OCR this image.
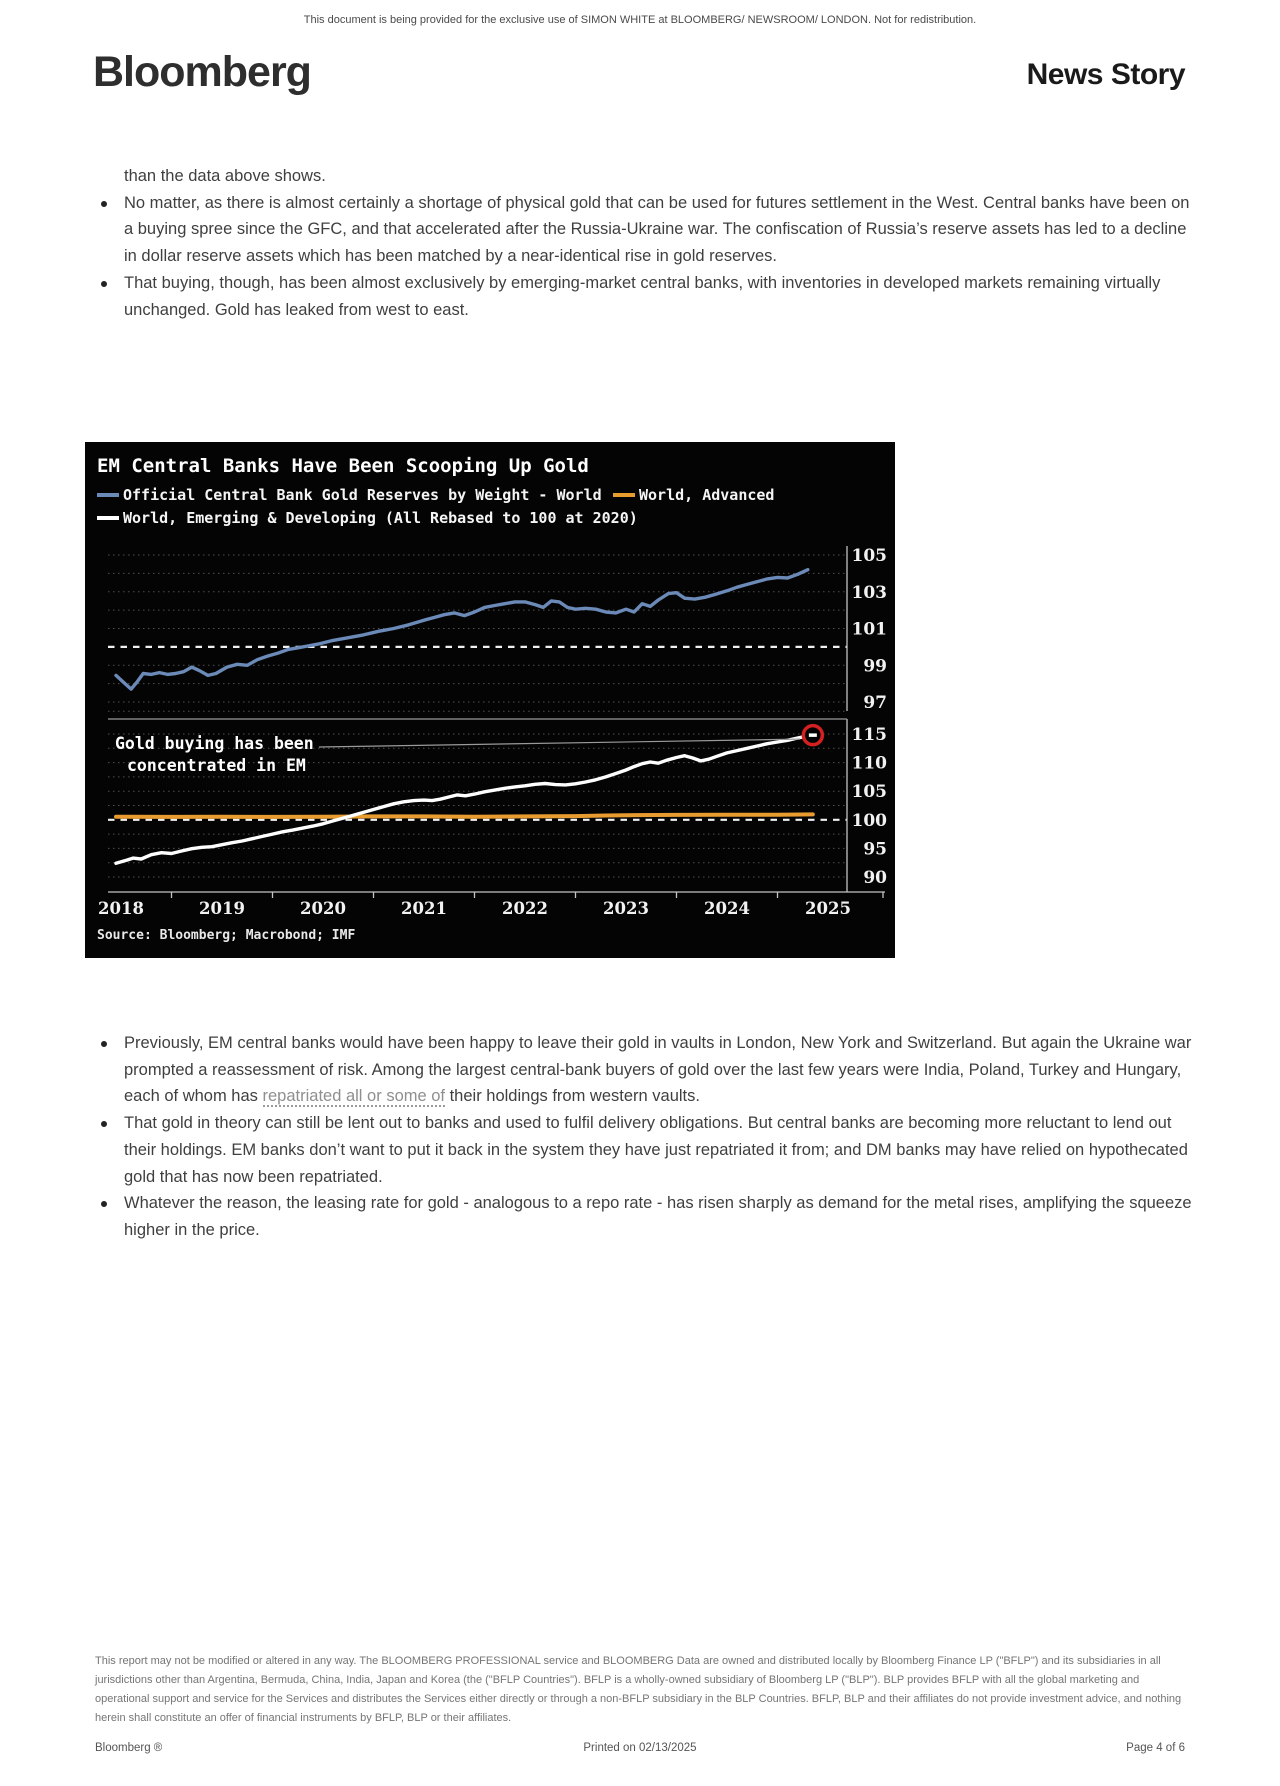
This document is being provided for the exclusive use of SIMON WHITE at BLOOMBERG/ NEWSROOM/ LONDON. Not for redistribution.
Bloomberg	News Story

than the data above shows.

No matter, as there is almost certainly a shortage of physical gold that can be used for futures settlement in the West. Central banks have been on a buying spree since the GFC, and that accelerated after the Russia-Ukraine war. The confiscation of Russia’s reserve assets has led to a decline in dollar reserve assets which has been matched by a near-identical rise in gold reserves.
That buying, though, has been almost exclusively by emerging-market central banks, with inventories in developed markets remaining virtually unchanged. Gold has leaked from west to east.
EM Central Banks Have Been Scooping Up Gold
Official Central Bank Gold Reserves by Weight - World World, Advanced
World, Emerging & Developing (All Rebased to 100 at 2020)
105
103
101
99
97
115
110
105
100
95
90
2018	2019	2020	2021	2022	2023	2024	2025
Gold buying has been
concentrated in EM
Source: Bloomberg; Macrobond; IMF
Previously, EM central banks would have been happy to leave their gold in vaults in London, New York and Switzerland. But again the Ukraine war prompted a reassessment of risk. Among the largest central-bank buyers of gold over the last few years were India, Poland, Turkey and Hungary, each of whom has repatriated all or some of their holdings from western vaults.
That gold in theory can still be lent out to banks and used to fulfil delivery obligations. But central banks are becoming more reluctant to lend out their holdings. EM banks don’t want to put it back in the system they have just repatriated it from; and DM banks may have relied on hypothecated gold that has now been repatriated.
Whatever the reason, the leasing rate for gold - analogous to a repo rate - has risen sharply as demand for the metal rises, amplifying the squeeze higher in the price.
This report may not be modified or altered in any way. The BLOOMBERG PROFESSIONAL service and BLOOMBERG Data are owned and distributed locally by Bloomberg Finance LP ("BFLP") and its subsidiaries in all jurisdictions other than Argentina, Bermuda, China, India, Japan and Korea (the ("BFLP Countries"). BFLP is a wholly-owned subsidiary of Bloomberg LP ("BLP"). BLP provides BFLP with all the global marketing and operational support and service for the Services and distributes the Services either directly or through a non-BFLP subsidiary in the BLP Countries. BFLP, BLP and their affiliates do not provide investment advice, and nothing herein shall constitute an offer of financial instruments by BFLP, BLP or their affiliates.
Bloomberg ®	Printed on 02/13/2025	Page 4 of 6
